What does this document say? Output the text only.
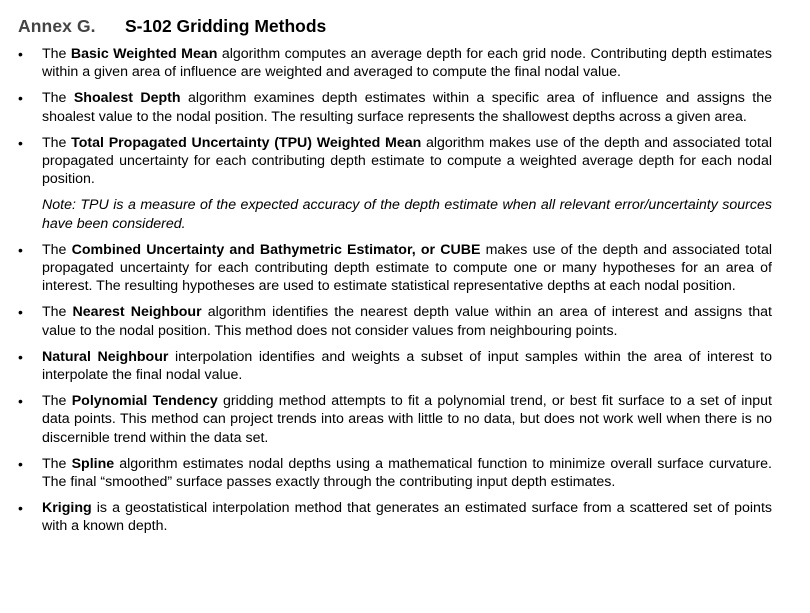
Annex G.	S-102 Gridding Methods
•	The Basic Weighted Mean algorithm computes an average depth for each grid node. Contributing depth estimates within a given area of influence are weighted and averaged to compute the final nodal value.
•	The Shoalest Depth algorithm examines depth estimates within a specific area of influence and assigns the shoalest value to the nodal position. The resulting surface represents the shallowest depths across a given area.
•	The Total Propagated Uncertainty (TPU) Weighted Mean algorithm makes use of the depth and associated total propagated uncertainty for each contributing depth estimate to compute a weighted average depth for each nodal position.

Note: TPU is a measure of the expected accuracy of the depth estimate when all relevant error/uncertainty sources have been considered.

•	The Combined Uncertainty and Bathymetric Estimator, or CUBE makes use of the depth and associated total propagated uncertainty for each contributing depth estimate to compute one or many hypotheses for an area of interest. The resulting hypotheses are used to estimate statistical representative depths at each nodal position.
•	The Nearest Neighbour algorithm identifies the nearest depth value within an area of interest and assigns that value to the nodal position. This method does not consider values from neighbouring points.
•	Natural Neighbour interpolation identifies and weights a subset of input samples within the area of interest to interpolate the final nodal value.
•	The Polynomial Tendency gridding method attempts to fit a polynomial trend, or best fit surface to a set of input data points. This method can project trends into areas with little to no data, but does not work well when there is no discernible trend within the data set.
•	The Spline algorithm estimates nodal depths using a mathematical function to minimize overall surface curvature. The final “smoothed” surface passes exactly through the contributing input depth estimates.
•	Kriging is a geostatistical interpolation method that generates an estimated surface from a scattered set of points with a known depth.
